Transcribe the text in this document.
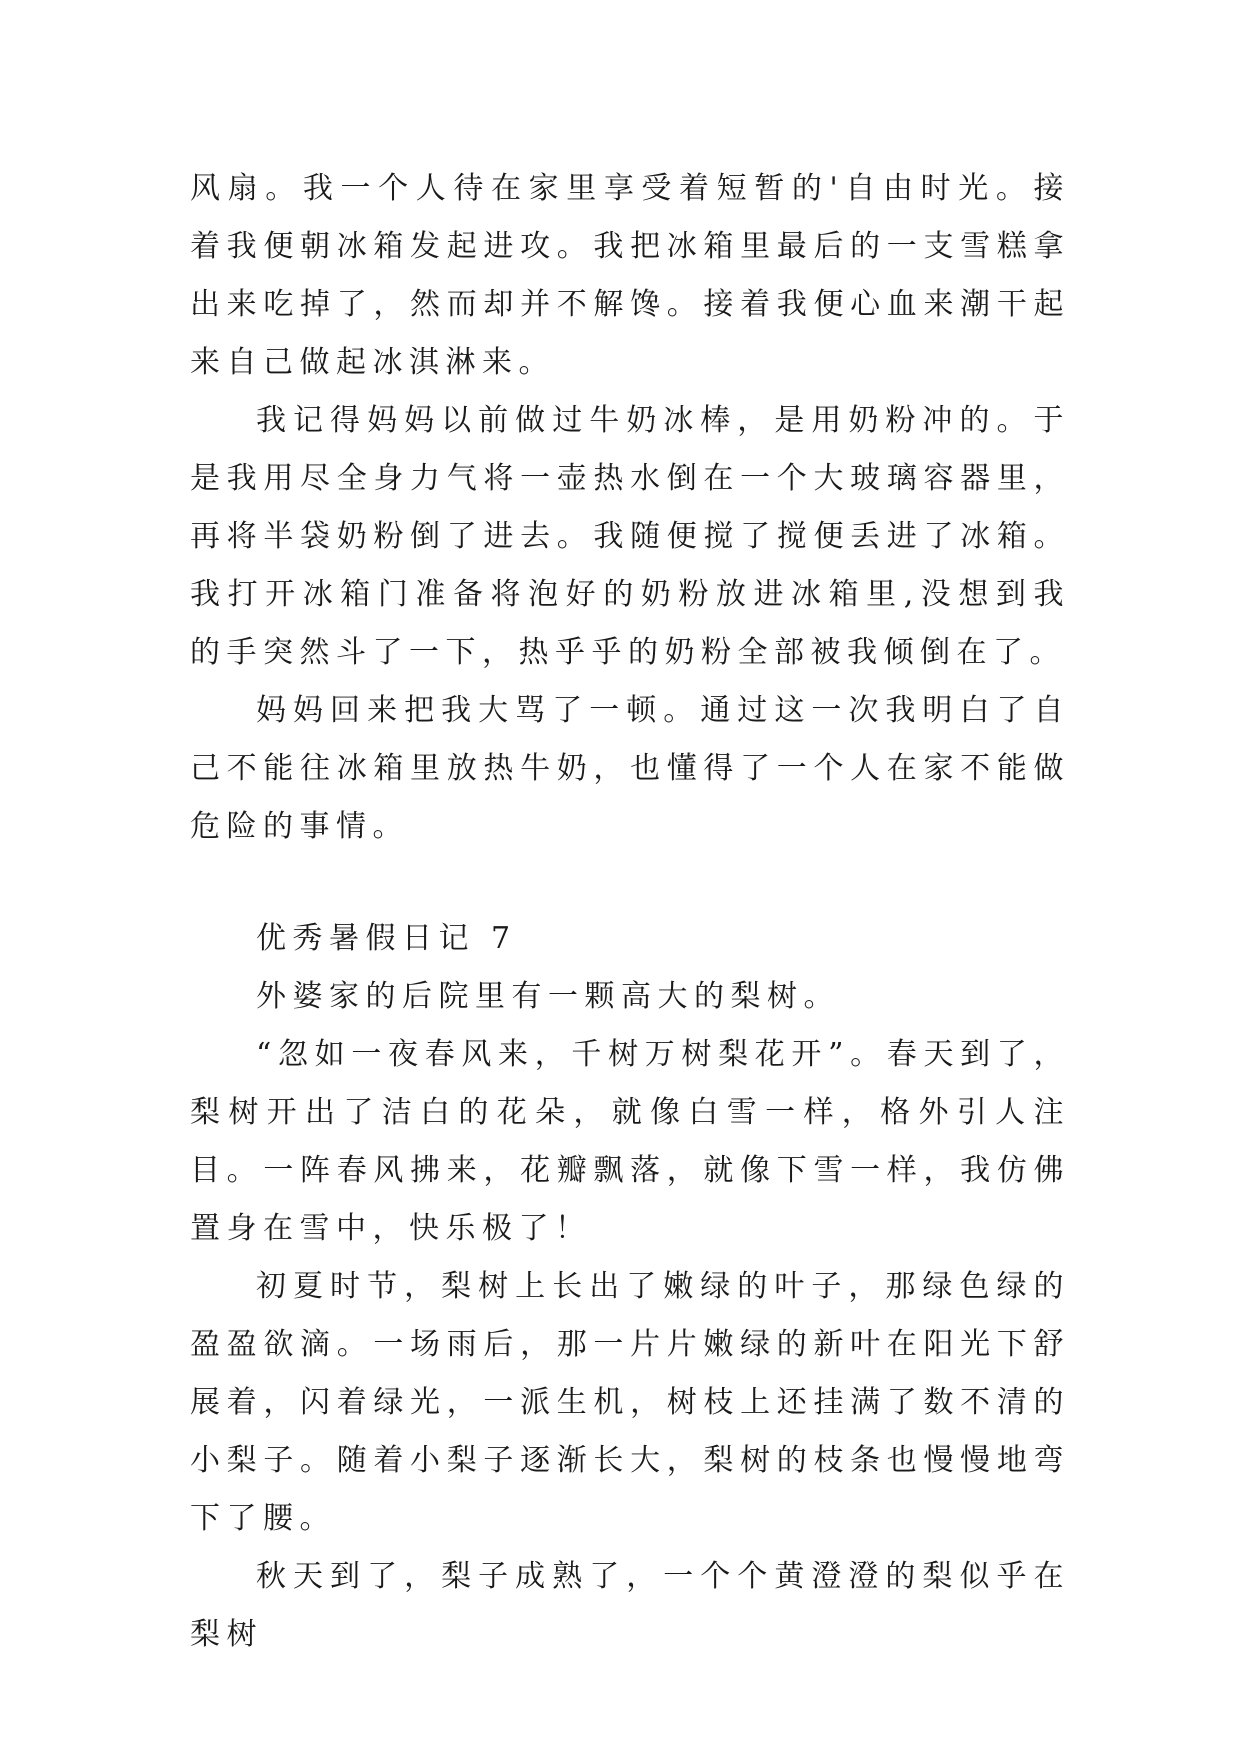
风扇。我一个人待在家里享受着短暂的'自由时光。接着我便朝冰箱发起进攻。我把冰箱里最后的一支雪糕拿出来吃掉了，然而却并不解馋。接着我便心血来潮干起来自己做起冰淇淋来。

我记得妈妈以前做过牛奶冰棒，是用奶粉冲的。于是我用尽全身力气将一壶热水倒在一个大玻璃容器里，再将半袋奶粉倒了进去。我随便搅了搅便丢进了冰箱。我打开冰箱门准备将泡好的奶粉放进冰箱里,没想到我的手突然斗了一下，热乎乎的奶粉全部被我倾倒在了。

妈妈回来把我大骂了一顿。通过这一次我明白了自己不能往冰箱里放热牛奶，也懂得了一个人在家不能做危险的事情。

优秀暑假日记 7

外婆家的后院里有一颗高大的梨树。

“忽如一夜春风来，千树万树梨花开”。春天到了，梨树开出了洁白的花朵，就像白雪一样，格外引人注目。一阵春风拂来，花瓣飘落，就像下雪一样，我仿佛置身在雪中，快乐极了！

初夏时节，梨树上长出了嫩绿的叶子，那绿色绿的盈盈欲滴。一场雨后，那一片片嫩绿的新叶在阳光下舒展着，闪着绿光，一派生机，树枝上还挂满了数不清的小梨子。随着小梨子逐渐长大，梨树的枝条也慢慢地弯下了腰。

秋天到了，梨子成熟了，一个个黄澄澄的梨似乎在梨树
